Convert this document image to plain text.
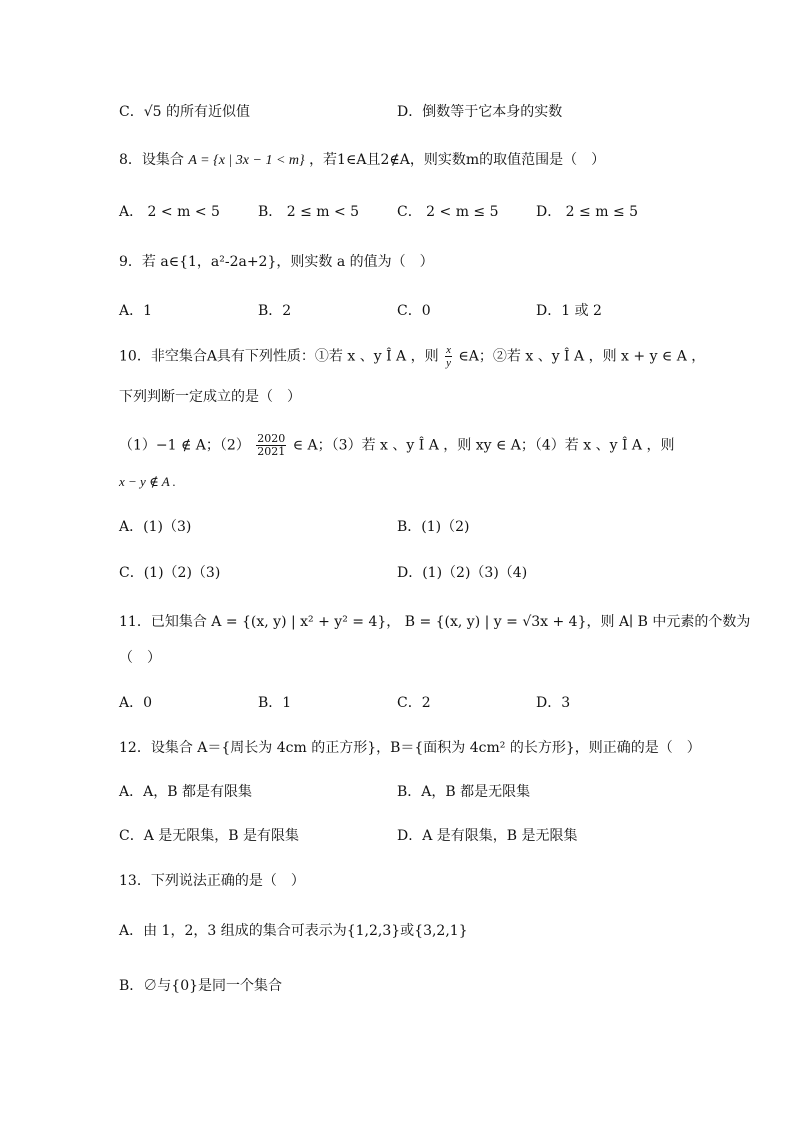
C．√5 的所有近似值	D．倒数等于它本身的实数
8．设集合 A = {x | 3x − 1 < m} ，若1∈A且2∉A，则实数m的取值范围是（　）
A． 2 < m < 5	B． 2 ≤ m < 5	C． 2 < m ≤ 5	D． 2 ≤ m ≤ 5
9．若 a∈{1，a²-2a+2}，则实数 a 的值为（　）
A．1	B．2	C．0	D．1 或 2
10．非空集合A具有下列性质：①若 x 、y Î A ，则 $\frac{x}{y}$ ∈A；②若 x 、y Î A ，则 x + y ∈ A ，
下列判断一定成立的是（　）
（1）−1 ∉ A；$(2) \frac{2020}{2021}$ ∈ A；（3）若 x 、y Î A ，则 xy ∈ A；（4）若 x 、y Î A ，则
x − y ∉ A .
A．(1)（3)	B．(1)（2)
C．(1)（2)（3)	D．(1)（2)（3)（4)
11．已知集合 A = {(x, y) | x² + y² = 4}， B = {(x, y) | y = √3x + 4}，则 A∣ B 中元素的个数为
（　）
A．0	B．1	C．2	D．3
12．设集合 A＝{周长为 4cm 的正方形}，B＝{面积为 4cm² 的长方形}，则正确的是（　）
A．A，B 都是有限集	B．A，B 都是无限集
C．A 是无限集，B 是有限集	D．A 是有限集，B 是无限集
13．下列说法正确的是（　）
A．由 1，2，3 组成的集合可表示为{1,2,3}或{3,2,1}
B．∅与{0}是同一个集合
